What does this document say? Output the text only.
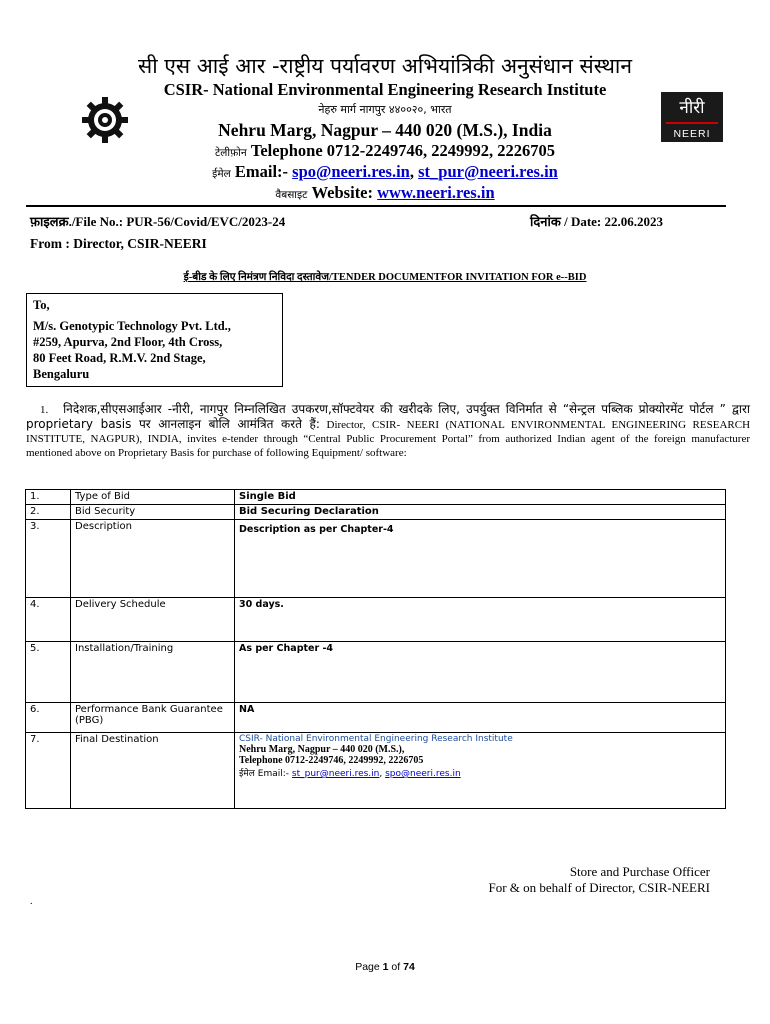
नीरी
NEERI
सी एस आई आर -राष्ट्रीय पर्यावरण अभियांत्रिकी अनुसंधान संस्थान
CSIR- National Environmental Engineering Research Institute
नेहरु मार्ग नागपुर ४४००२०, भारत
Nehru Marg, Nagpur – 440 020 (M.S.), India
टेलीफ़ोन Telephone 0712-2249746, 2249992, 2226705
ईमेल Email:- spo@neeri.res.in, st_pur@neeri.res.in
वैबसाइट Website: www.neeri.res.in
फ़ाइलक्र./File No.: PUR-56/Covid/EVC/2023-24	दिनांक / Date: 22.06.2023
From : Director, CSIR-NEERI
ई-बीड के लिए निमंत्रण निविदा दस्तावेज/TENDER DOCUMENTFOR INVITATION FOR e--BID
To,
M/s. Genotypic Technology Pvt. Ltd.,
#259, Apurva, 2nd Floor, 4th Cross,
80 Feet Road, R.M.V. 2nd Stage,
Bengaluru
1. निदेशक,सीएसआईआर -नीरी, नागपुर निम्नलिखित उपकरण,सॉफ्टवेयर की खरीदके लिए, उपर्युक्त विनिर्मात से “सेन्ट्रल पब्लिक प्रोक्योरमेंट पोर्टल ” द्वारा proprietary basis पर आनलाइन बोलि आमंत्रित करते हैं: Director, CSIR- NEERI (NATIONAL ENVIRONMENTAL ENGINEERING RESEARCH INSTITUTE, NAGPUR), INDIA, invites e-tender through “Central Public Procurement Portal” from authorized Indian agent of the foreign manufacturer mentioned above on Proprietary Basis for purchase of following Equipment/ software:
1.	Type of Bid	Single Bid
2.	Bid Security	Bid Securing Declaration
3.	Description	Description as per Chapter-4
4.	Delivery Schedule	30 days.
5.	Installation/Training	As per Chapter -4
6.	Performance Bank Guarantee (PBG)	NA
7.	Final Destination	CSIR- National Environmental Engineering Research Institute
Nehru Marg, Nagpur – 440 020 (M.S.),
Telephone 0712-2249746, 2249992, 2226705
ईमेल Email:- st_pur@neeri.res.in, spo@neeri.res.in
Store and Purchase Officer
For & on behalf of Director, CSIR-NEERI
.
Page 1 of 74
